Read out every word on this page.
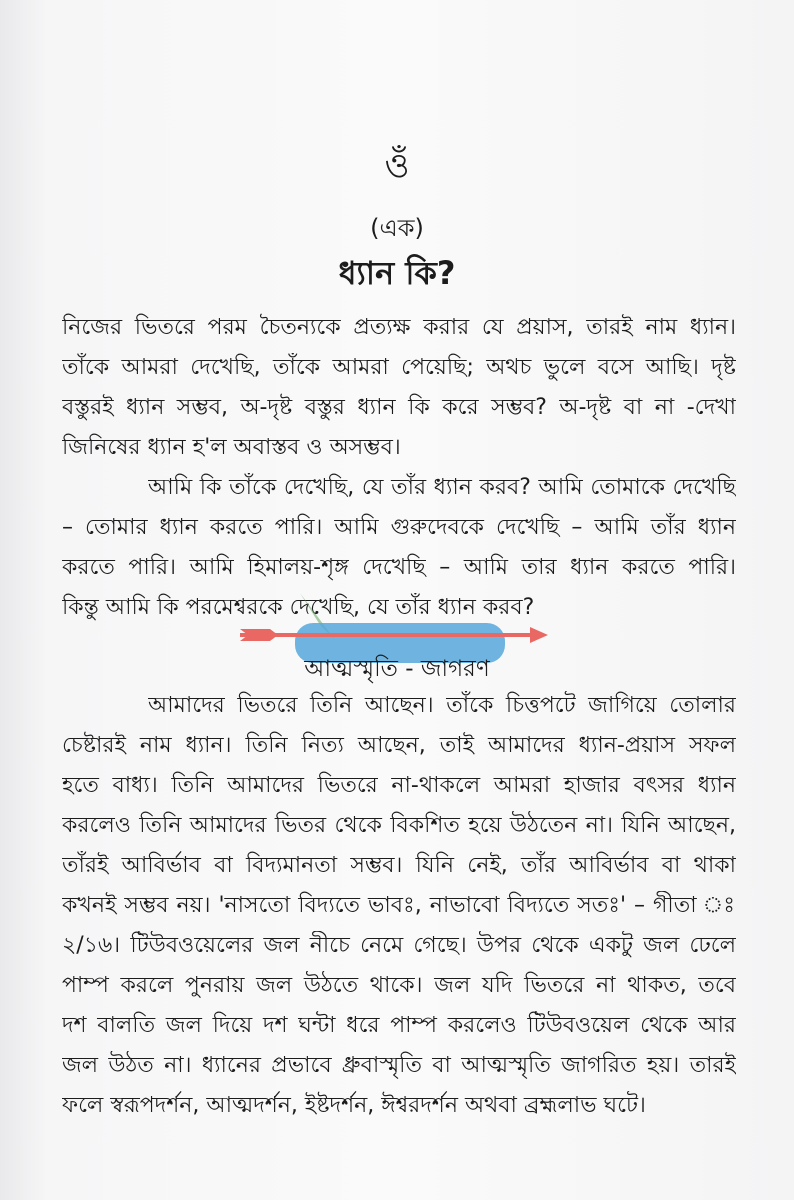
ওঁ
(এক)
ধ্যান কি?
নিজের ভিতরে পরম চৈতন্যকে প্রত্যক্ষ করার যে প্রয়াস, তারই নাম ধ্যান।
তাঁকে আমরা দেখেছি, তাঁকে আমরা পেয়েছি; অথচ ভুলে বসে আছি। দৃষ্ট
বস্তুরই ধ্যান সম্ভব, অ-দৃষ্ট বস্তুর ধ্যান কি করে সম্ভব? অ-দৃষ্ট বা না -দেখা
জিনিষের ধ্যান হ'ল অবাস্তব ও অসম্ভব।
আমি কি তাঁকে দেখেছি, যে তাঁর ধ্যান করব? আমি তোমাকে দেখেছি
– তোমার ধ্যান করতে পারি। আমি গুরুদেবকে দেখেছি – আমি তাঁর ধ্যান
করতে পারি। আমি হিমালয়-শৃঙ্গ দেখেছি – আমি তার ধ্যান করতে পারি।
কিন্তু আমি কি পরমেশ্বরকে দেখেছি, যে তাঁর ধ্যান করব?
আত্মস্মৃতি - জাগরণ
আমাদের ভিতরে তিনি আছেন। তাঁকে চিত্তপটে জাগিয়ে তোলার
চেষ্টারই নাম ধ্যান। তিনি নিত্য আছেন, তাই আমাদের ধ্যান-প্রয়াস সফল
হতে বাধ্য। তিনি আমাদের ভিতরে না-থাকলে আমরা হাজার বৎসর ধ্যান
করলেও তিনি আমাদের ভিতর থেকে বিকশিত হয়ে উঠতেন না। যিনি আছেন,
তাঁরই আবির্ভাব বা বিদ্যমানতা সম্ভব। যিনি নেই, তাঁর আবির্ভাব বা থাকা
কখনই সম্ভব নয়। 'নাসতো বিদ্যতে ভাবঃ, নাভাবো বিদ্যতে সতঃ' – গীতা ঃ
২/১৬। টিউবওয়েলের জল নীচে নেমে গেছে। উপর থেকে একটু জল ঢেলে
পাম্প করলে পুনরায় জল উঠতে থাকে। জল যদি ভিতরে না থাকত, তবে
দশ বালতি জল দিয়ে দশ ঘন্টা ধরে পাম্প করলেও টিউবওয়েল থেকে আর
জল উঠত না। ধ্যানের প্রভাবে ধ্রুবাস্মৃতি বা আত্মস্মৃতি জাগরিত হয়। তারই
ফলে স্বরূপদর্শন, আত্মদর্শন, ইষ্টদর্শন, ঈশ্বরদর্শন অথবা ব্রহ্মলাভ ঘটে।
